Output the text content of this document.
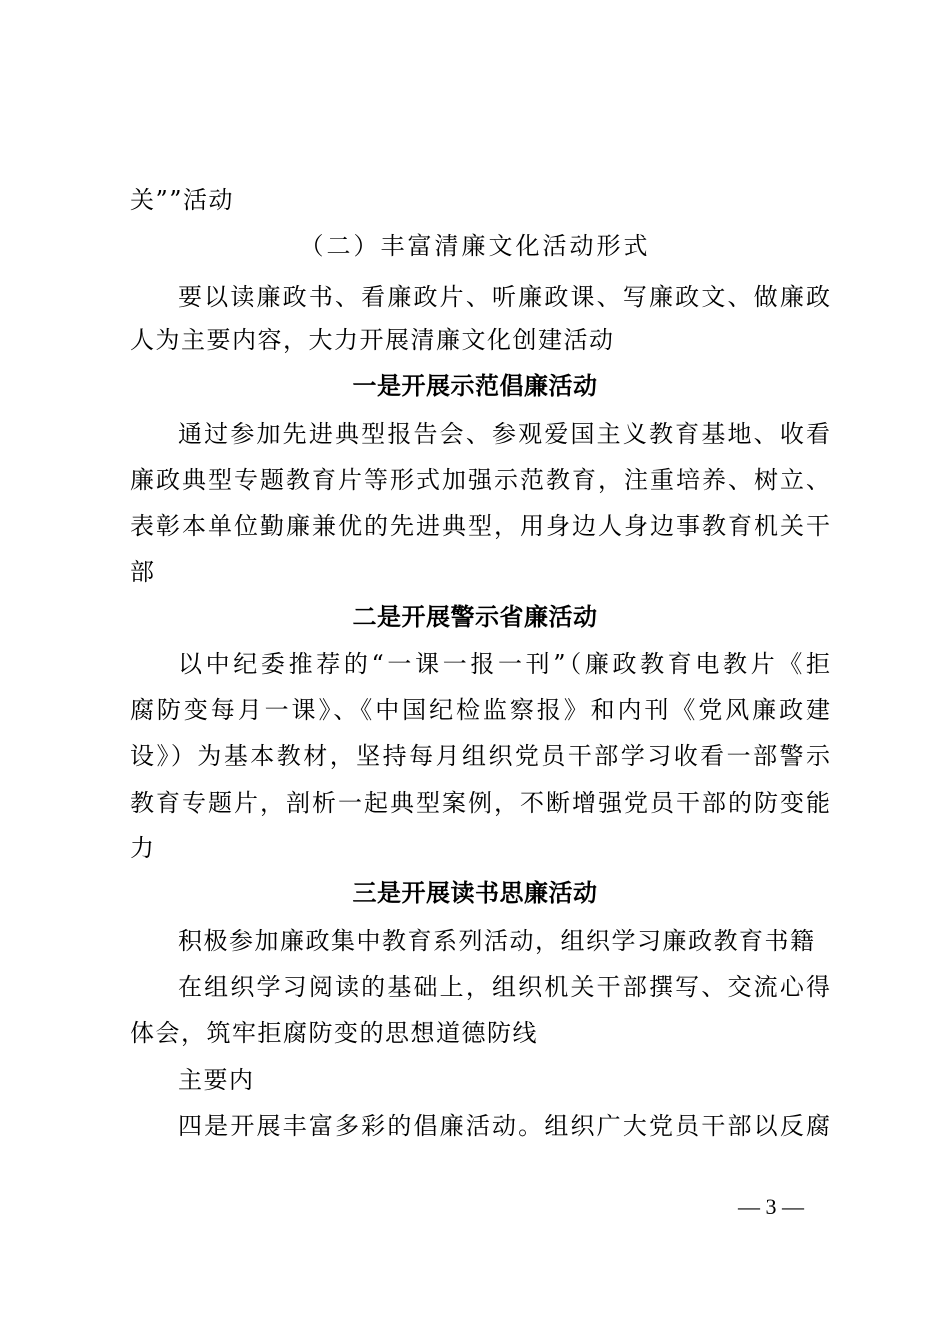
关””活动
（二）丰富清廉文化活动形式
要以读廉政书、看廉政片、听廉政课、写廉政文、做廉政
人为主要内容，大力开展清廉文化创建活动
一是开展示范倡廉活动
通过参加先进典型报告会、参观爱国主义教育基地、收看
廉政典型专题教育片等形式加强示范教育，注重培养、树立、
表彰本单位勤廉兼优的先进典型，用身边人身边事教育机关干
部
二是开展警示省廉活动
以中纪委推荐的“一课一报一刊”（廉政教育电教片《拒
腐防变每月一课》、《中国纪检监察报》和内刊《党风廉政建
设》）为基本教材，坚持每月组织党员干部学习收看一部警示
教育专题片，剖析一起典型案例，不断增强党员干部的防变能
力
三是开展读书思廉活动
积极参加廉政集中教育系列活动，组织学习廉政教育书籍
在组织学习阅读的基础上，组织机关干部撰写、交流心得
体会，筑牢拒腐防变的思想道德防线
主要内
四是开展丰富多彩的倡廉活动。组织广大党员干部以反腐
— 3 —
